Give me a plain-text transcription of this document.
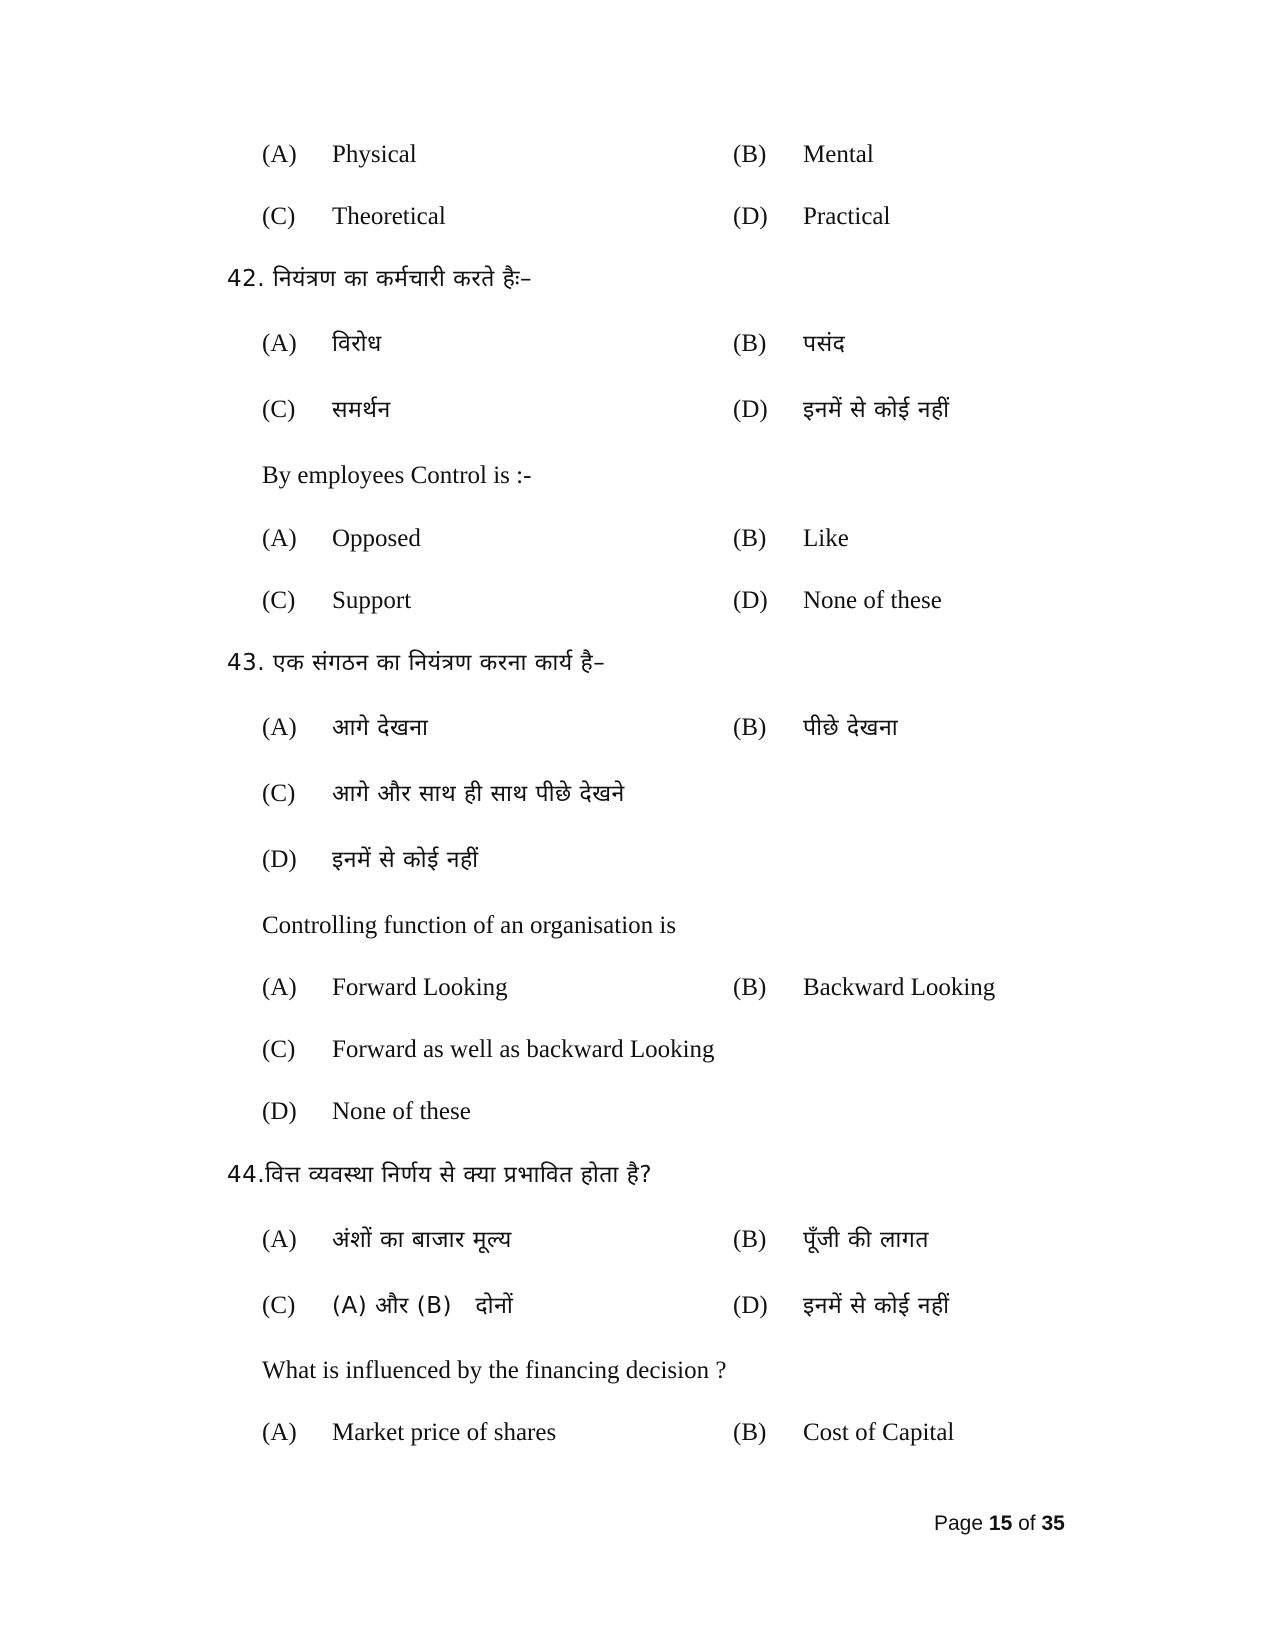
(A) Physical	(B) Mental
(C) Theoretical	(D) Practical
42. नियंत्रण का कर्मचारी करते हैः–
(A) विरोध	(B) पसंद
(C) समर्थन	(D) इनमें से कोई नहीं
By employees Control is :-
(A) Opposed	(B) Like
(C) Support	(D) None of these
43. एक संगठन का नियंत्रण करना कार्य है–
(A) आगे देखना	(B) पीछे देखना
(C) आगे और साथ ही साथ पीछे देखने
(D) इनमें से कोई नहीं
Controlling function of an organisation is
(A) Forward Looking	(B) Backward Looking
(C) Forward as well as backward Looking
(D) None of these
44.वित्त व्यवस्था निर्णय से क्या प्रभावित होता है?
(A) अंशों का बाजार मूल्य	(B) पूँजी की लागत
(C) (A) और (B)   दोनों	(D) इनमें से कोई नहीं
What is influenced by the financing decision ?
(A) Market price of shares	(B) Cost of Capital
Page 15 of 35
